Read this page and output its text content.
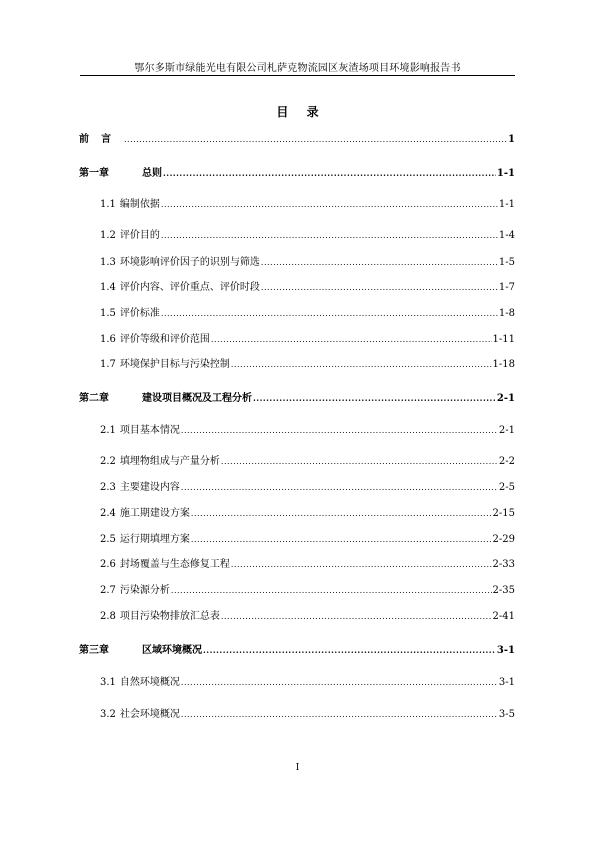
鄂尔多斯市绿能光电有限公司札萨克物流园区灰渣场项目环境影响报告书
目 录
前言 .....	1
第一章	总则 .....	1-1
1.1 编制依据 .....	1-1
1.2 评价目的 .....	1-4
1.3 环境影响评价因子的识别与筛选 .....	1-5
1.4 评价内容、评价重点、评价时段 .....	1-7
1.5 评价标准 .....	1-8
1.6 评价等级和评价范围 .....	1-11
1.7 环境保护目标与污染控制 .....	1-18
第二章	建设项目概况及工程分析 .....	2-1
2.1 项目基本情况 .....	2-1
2.2 填埋物组成与产量分析 .....	2-2
2.3 主要建设内容 .....	2-5
2.4 施工期建设方案 .....	2-15
2.5 运行期填埋方案 .....	2-29
2.6 封场覆盖与生态修复工程 .....	2-33
2.7 污染源分析 .....	2-35
2.8 项目污染物排放汇总表 .....	2-41
第三章	区域环境概况 .....	3-1
3.1 自然环境概况 .....	3-1
3.2 社会环境概况 .....	3-5
I
